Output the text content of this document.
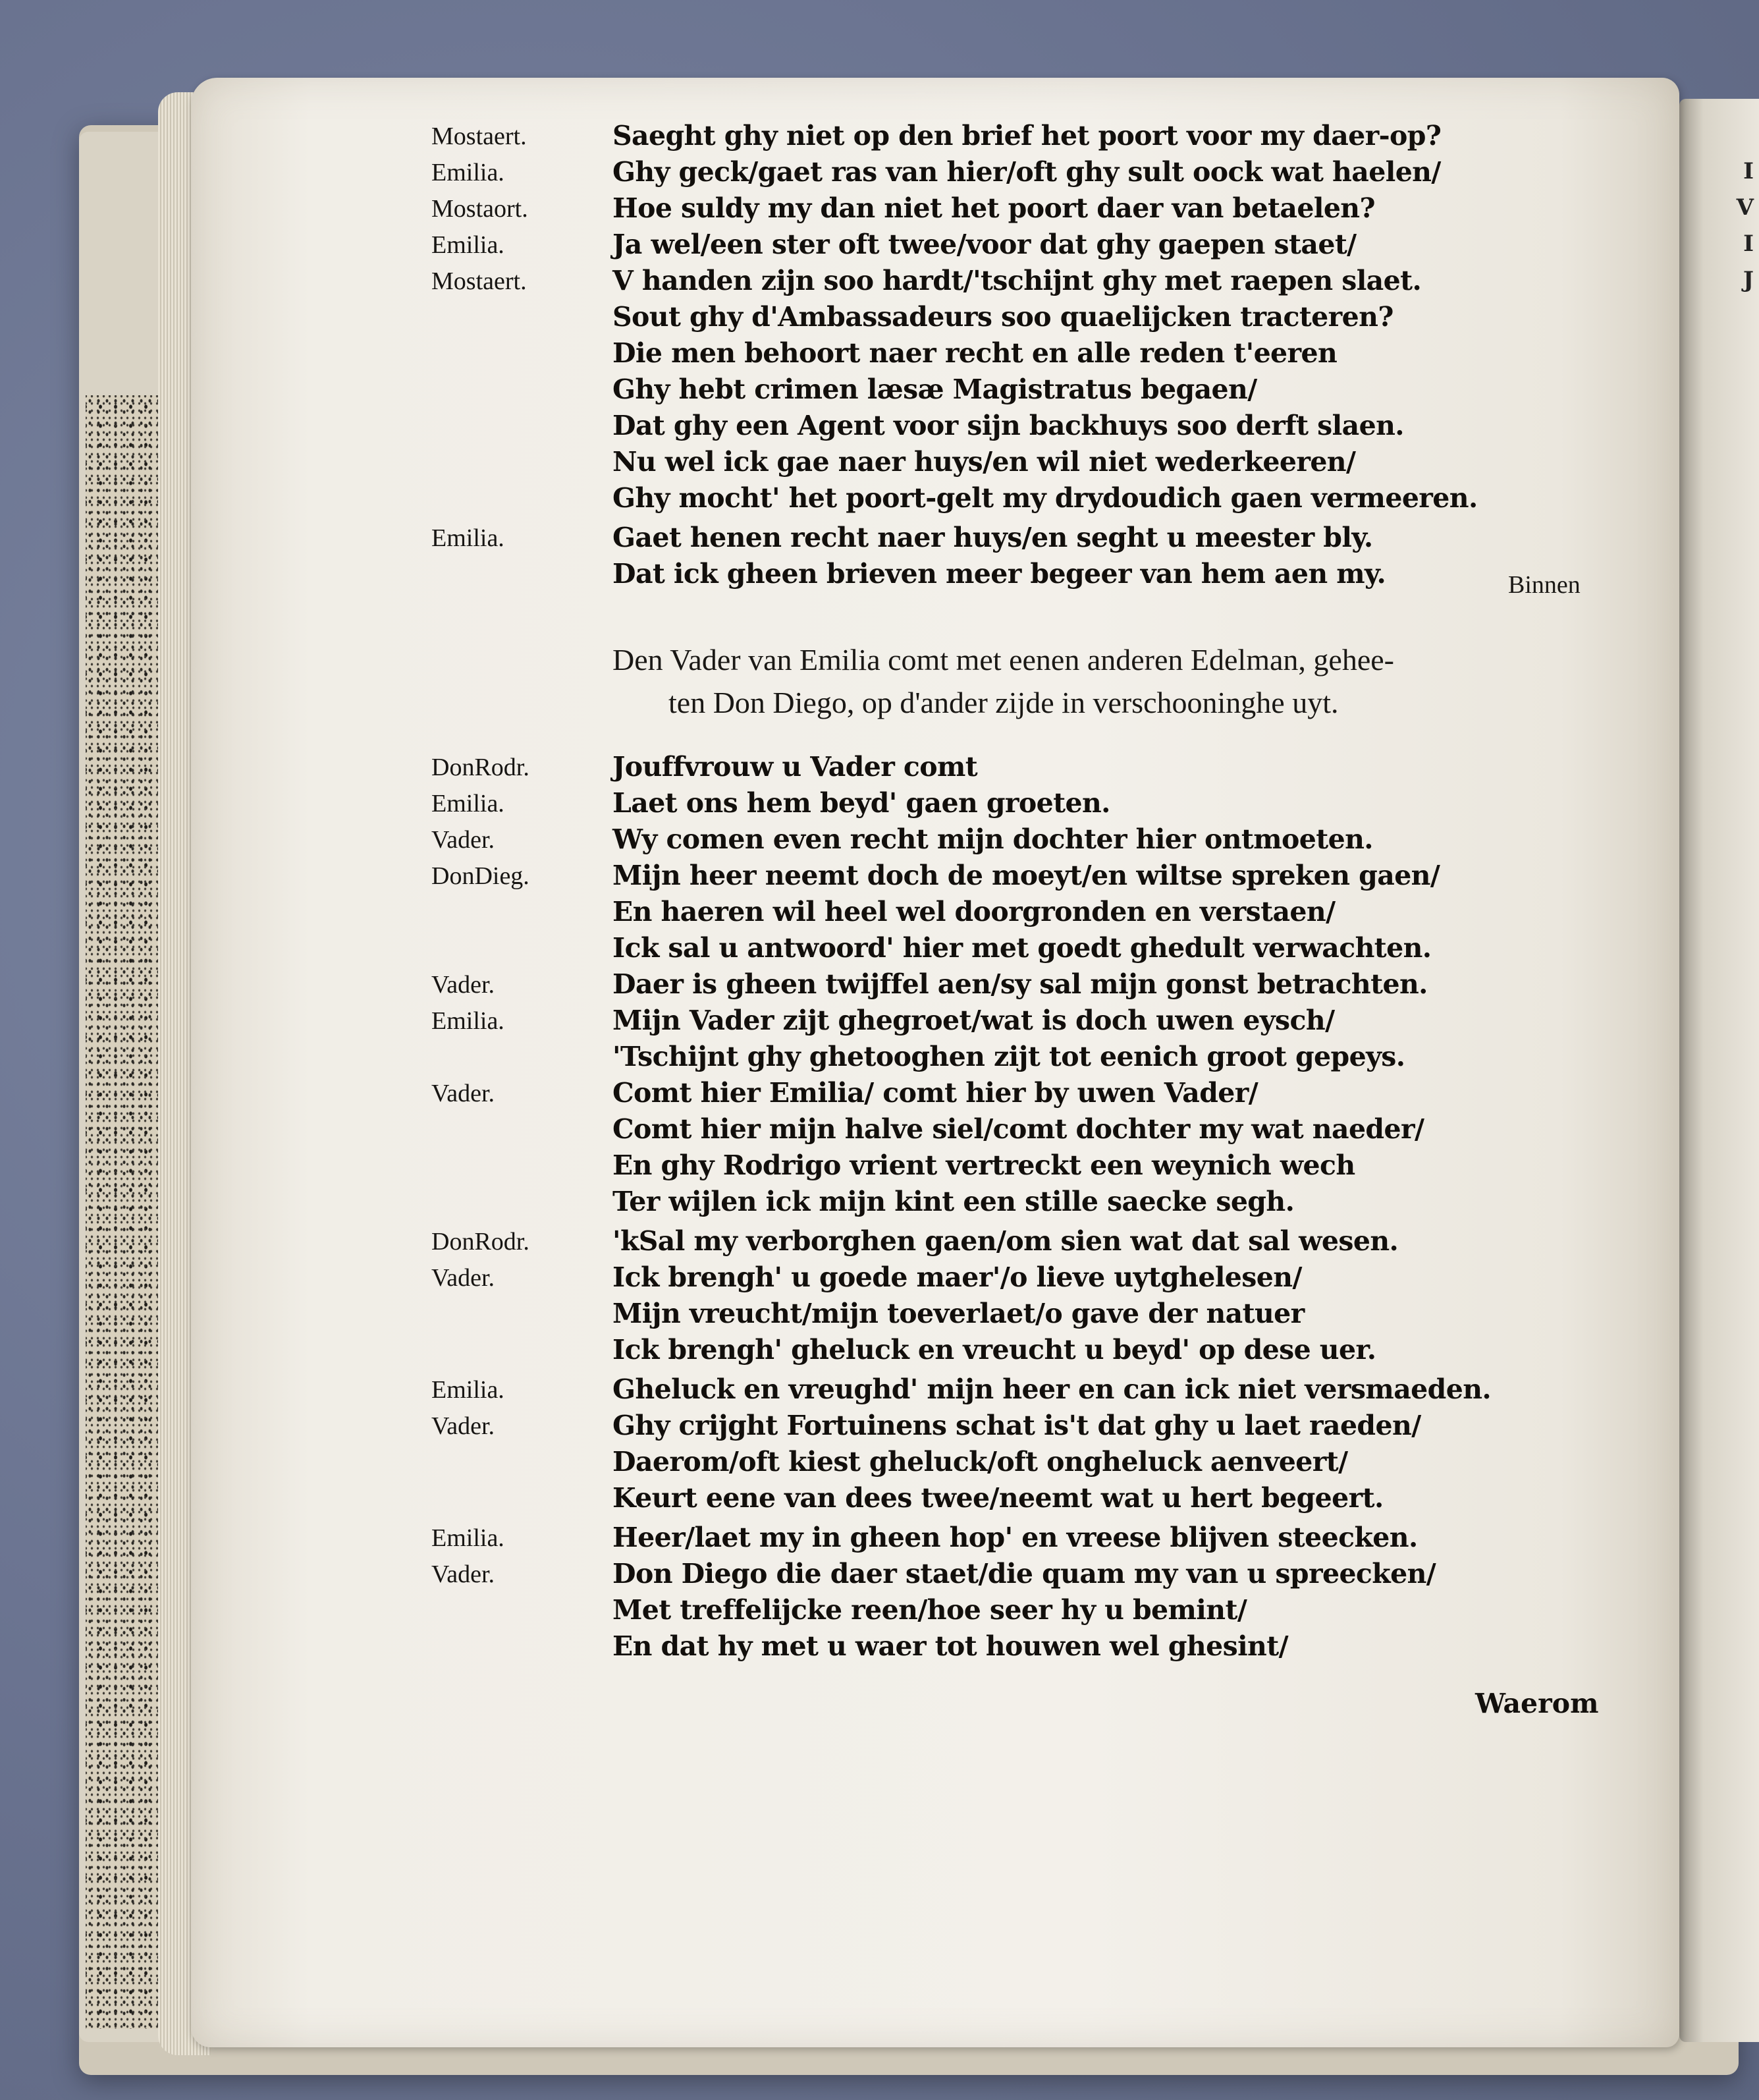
I
V
I
J
Mostaert.	Saeght ghy niet op den brief het poort voor my daer-op?
Emilia.	Ghy geck/gaet ras van hier/oft ghy sult oock wat haelen/
Mostaort.	Hoe suldy my dan niet het poort daer van betaelen?
Emilia.	Ja wel/een ster oft twee/voor dat ghy gaepen staet/
Mostaert.	V handen zijn soo hardt/'tschijnt ghy met raepen slaet.
Sout ghy d'Ambassadeurs soo quaelijcken tracteren?
Die men behoort naer recht en alle reden t'eeren
Ghy hebt crimen læsæ Magistratus begaen/
Dat ghy een Agent voor sijn backhuys soo derft slaen.
Nu wel ick gae naer huys/en wil niet wederkeeren/
Ghy mocht' het poort-gelt my drydoudich gaen vermeeren.
Emilia.	Gaet henen recht naer huys/en seght u meester bly.
Dat ick gheen brieven meer begeer van hem aen my.	Binnen
Den Vader van Emilia comt met eenen anderen Edelman, gehee-
ten Don Diego, op d'ander zijde in verschooninghe uyt.
DonRodr.	Jouffvrouw u Vader comt
Emilia.	Laet ons hem beyd' gaen groeten.
Vader.	Wy comen even recht mijn dochter hier ontmoeten.
DonDieg.	Mijn heer neemt doch de moeyt/en wiltse spreken gaen/
En haeren wil heel wel doorgronden en verstaen/
Ick sal u antwoord' hier met goedt ghedult verwachten.
Vader.	Daer is gheen twijffel aen/sy sal mijn gonst betrachten.
Emilia.	Mijn Vader zijt ghegroet/wat is doch uwen eysch/
'Tschijnt ghy ghetooghen zijt tot eenich groot gepeys.
Vader.	Comt hier Emilia/ comt hier by uwen Vader/
Comt hier mijn halve siel/comt dochter my wat naeder/
En ghy Rodrigo vrient vertreckt een weynich wech
Ter wijlen ick mijn kint een stille saecke segh.
DonRodr.	'kSal my verborghen gaen/om sien wat dat sal wesen.
Vader.	Ick brengh' u goede maer'/o lieve uytghelesen/
Mijn vreucht/mijn toeverlaet/o gave der natuer
Ick brengh' gheluck en vreucht u beyd' op dese uer.
Emilia.	Gheluck en vreughd' mijn heer en can ick niet versmaeden.
Vader.	Ghy crijght Fortuinens schat is't dat ghy u laet raeden/
Daerom/oft kiest gheluck/oft ongheluck aenveert/
Keurt eene van dees twee/neemt wat u hert begeert.
Emilia.	Heer/laet my in gheen hop' en vreese blijven steecken.
Vader.	Don Diego die daer staet/die quam my van u spreecken/
Met treffelijcke reen/hoe seer hy u bemint/
En dat hy met u waer tot houwen wel ghesint/
Waerom
